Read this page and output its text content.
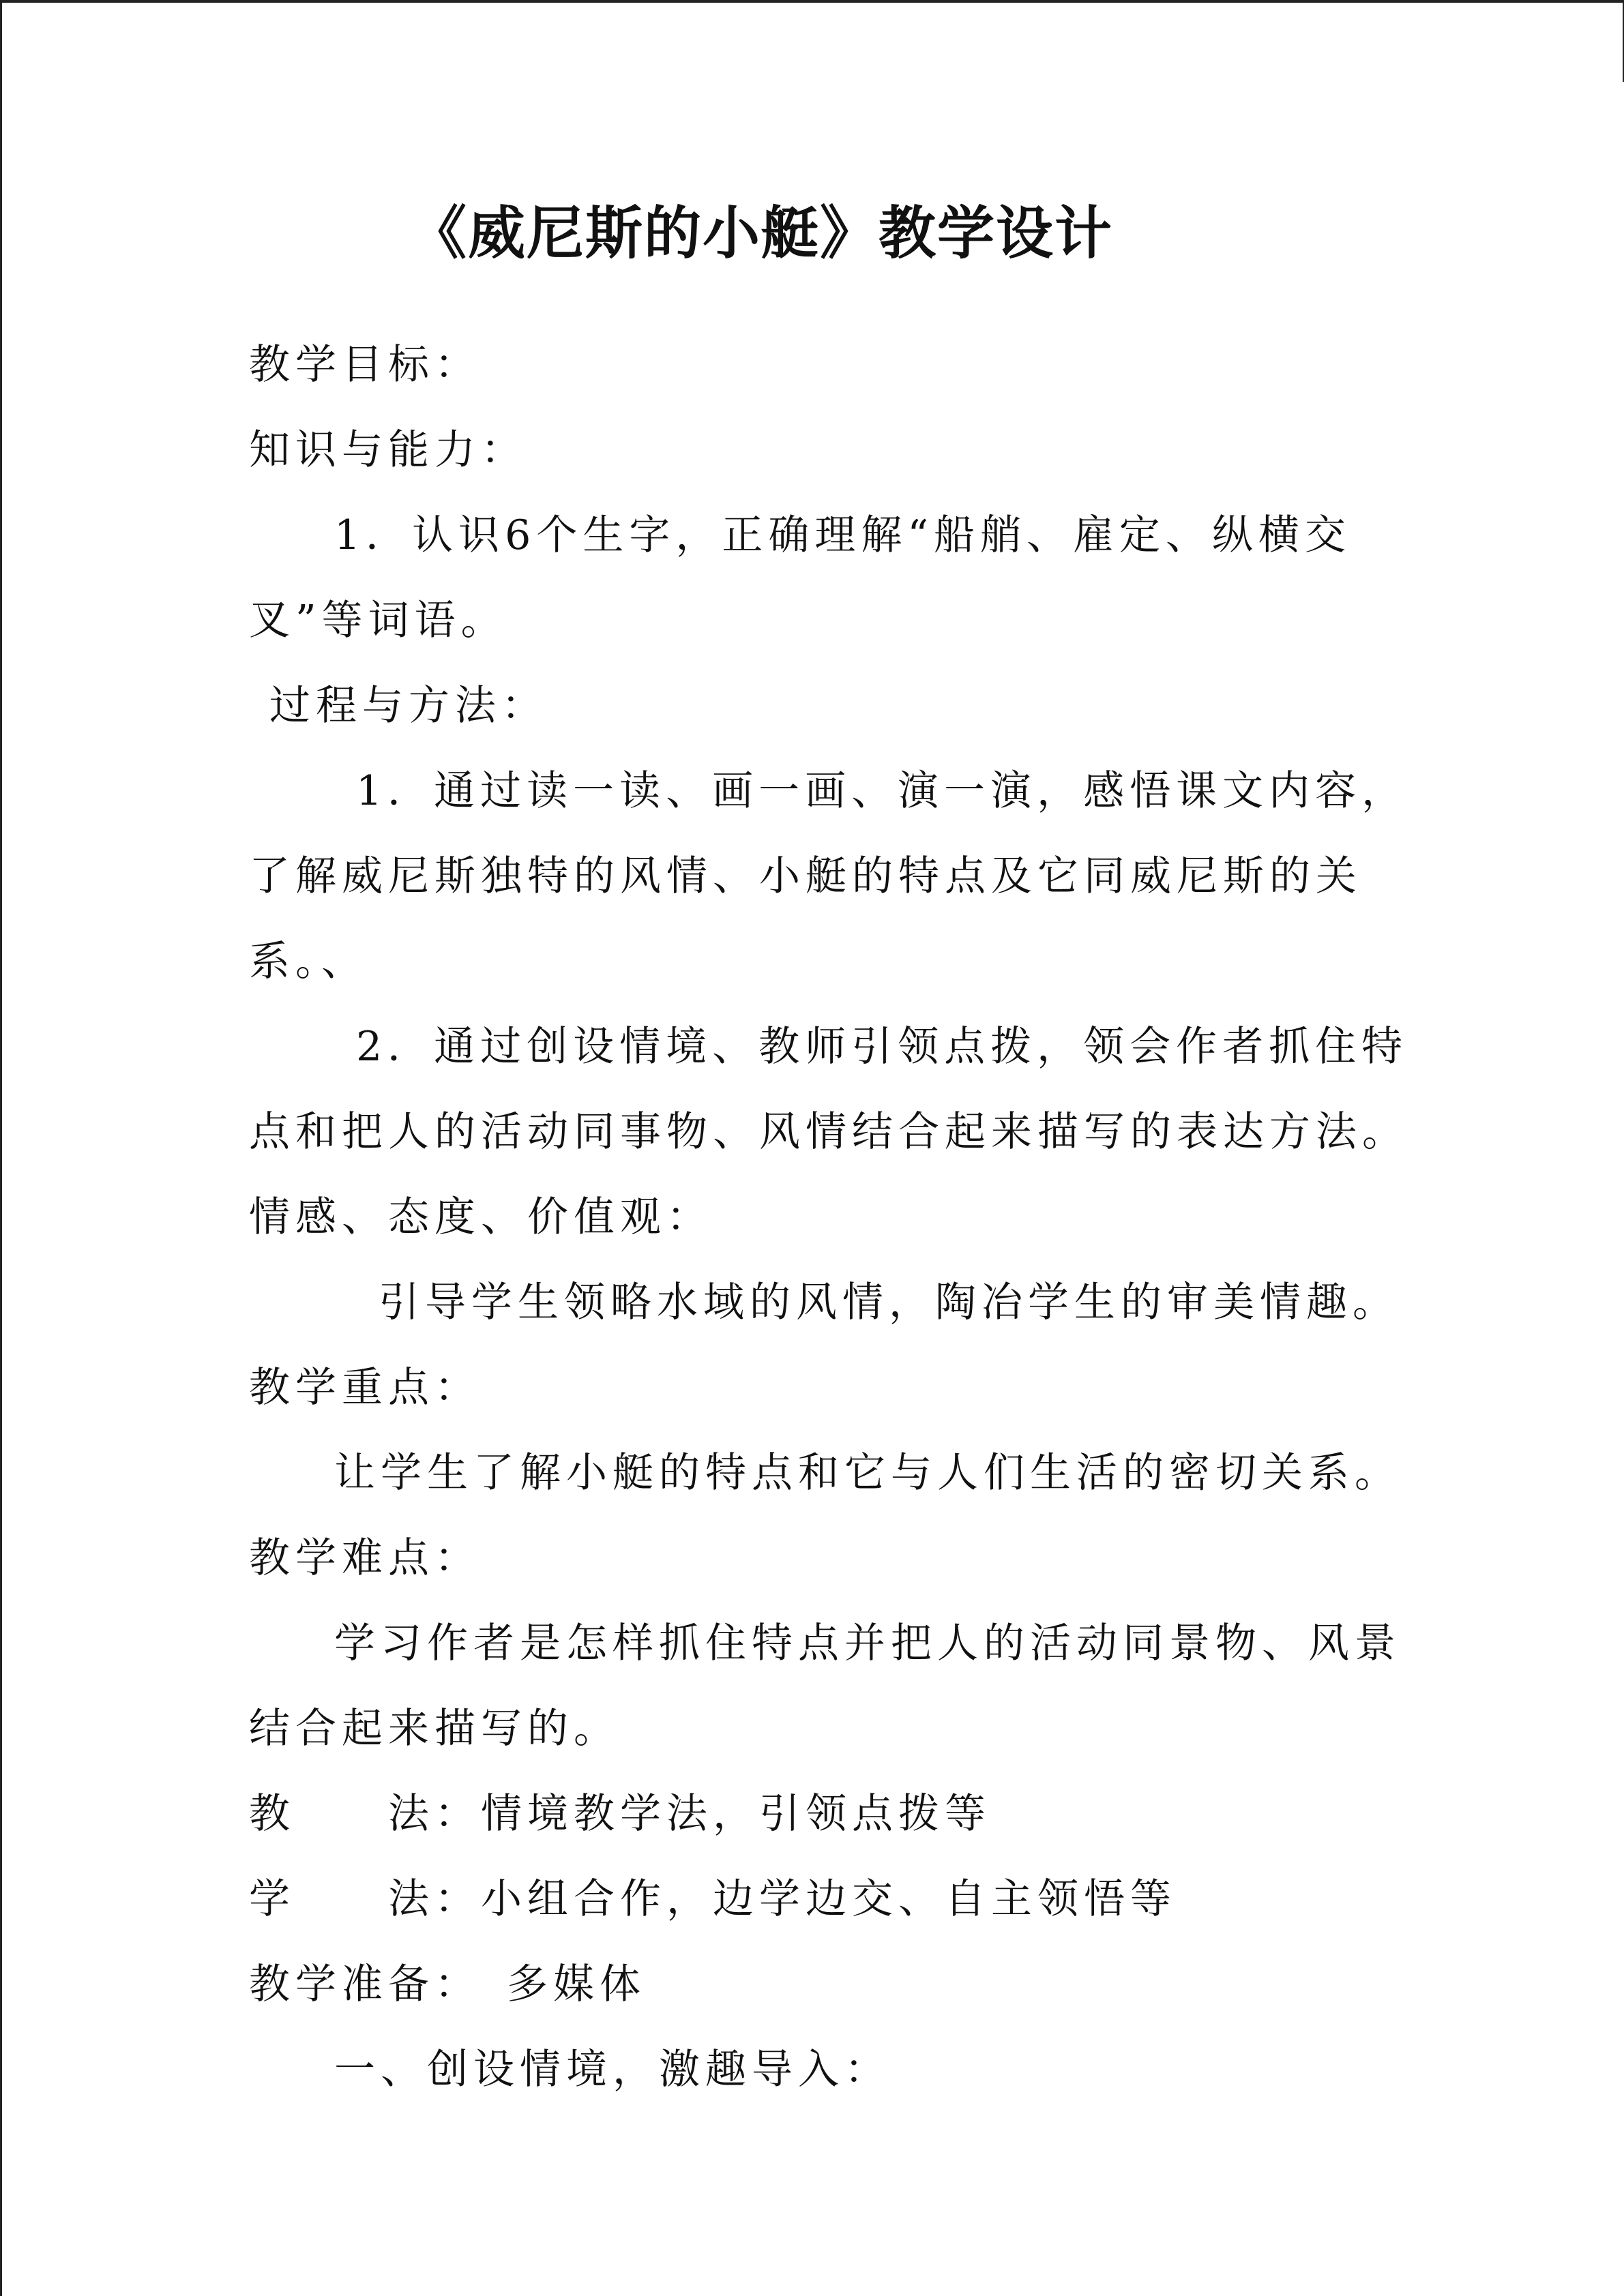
《威尼斯的小艇》教学设计
教学目标：
知识与能力：
1．认识6个生字，正确理解“船艄、雇定、纵横交
叉”等词语。
过程与方法：
1．通过读一读、画一画、演一演，感悟课文内容，
了解威尼斯独特的风情、小艇的特点及它同威尼斯的关
系。、
2．通过创设情境、教师引领点拨，领会作者抓住特
点和把人的活动同事物、风情结合起来描写的表达方法。
情感、态度、价值观：
引导学生领略水域的风情，陶冶学生的审美情趣。
教学重点：
让学生了解小艇的特点和它与人们生活的密切关系。
教学难点：
学习作者是怎样抓住特点并把人的活动同景物、风景
结合起来描写的。
教　　法：情境教学法，引领点拨等
学　　法：小组合作，边学边交、自主领悟等
教学准备：　多媒体
一、创设情境，激趣导入：
